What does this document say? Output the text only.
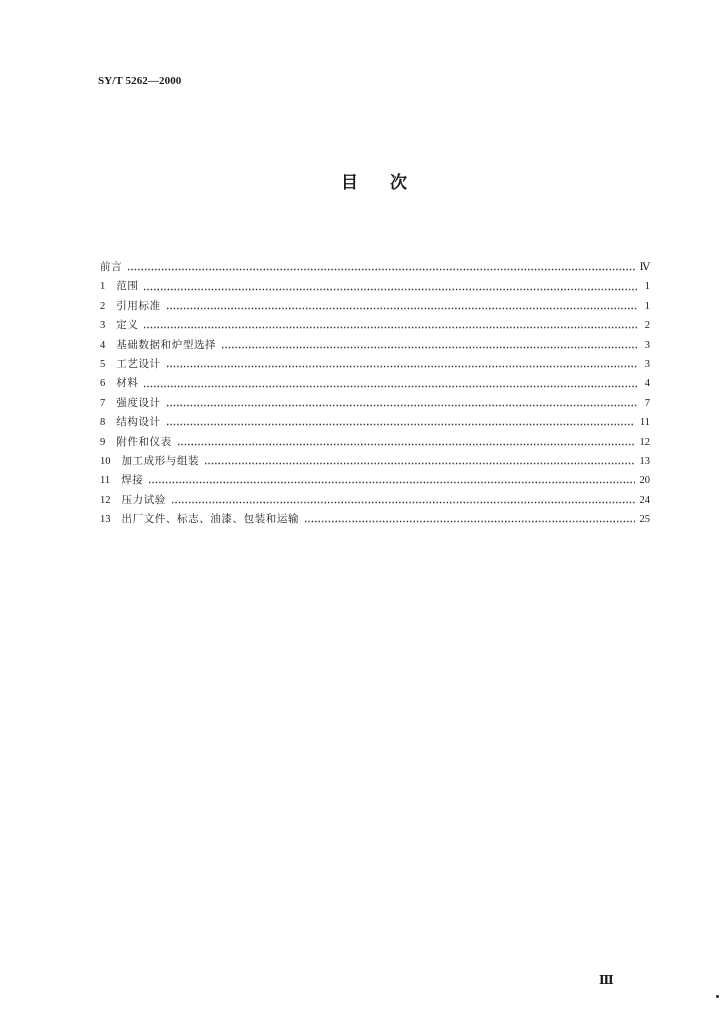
SY/T 5262—2000
目 次
前言	Ⅳ
1 范围	1
2 引用标准	1
3 定义	2
4 基础数据和炉型选择	3
5 工艺设计	3
6 材料	4
7 强度设计	7
8 结构设计	11
9 附件和仪表	12
10 加工成形与组装	13
11 焊接	20
12 压力试验	24
13 出厂文件、标志、油漆、包装和运输	25
Ⅲ
